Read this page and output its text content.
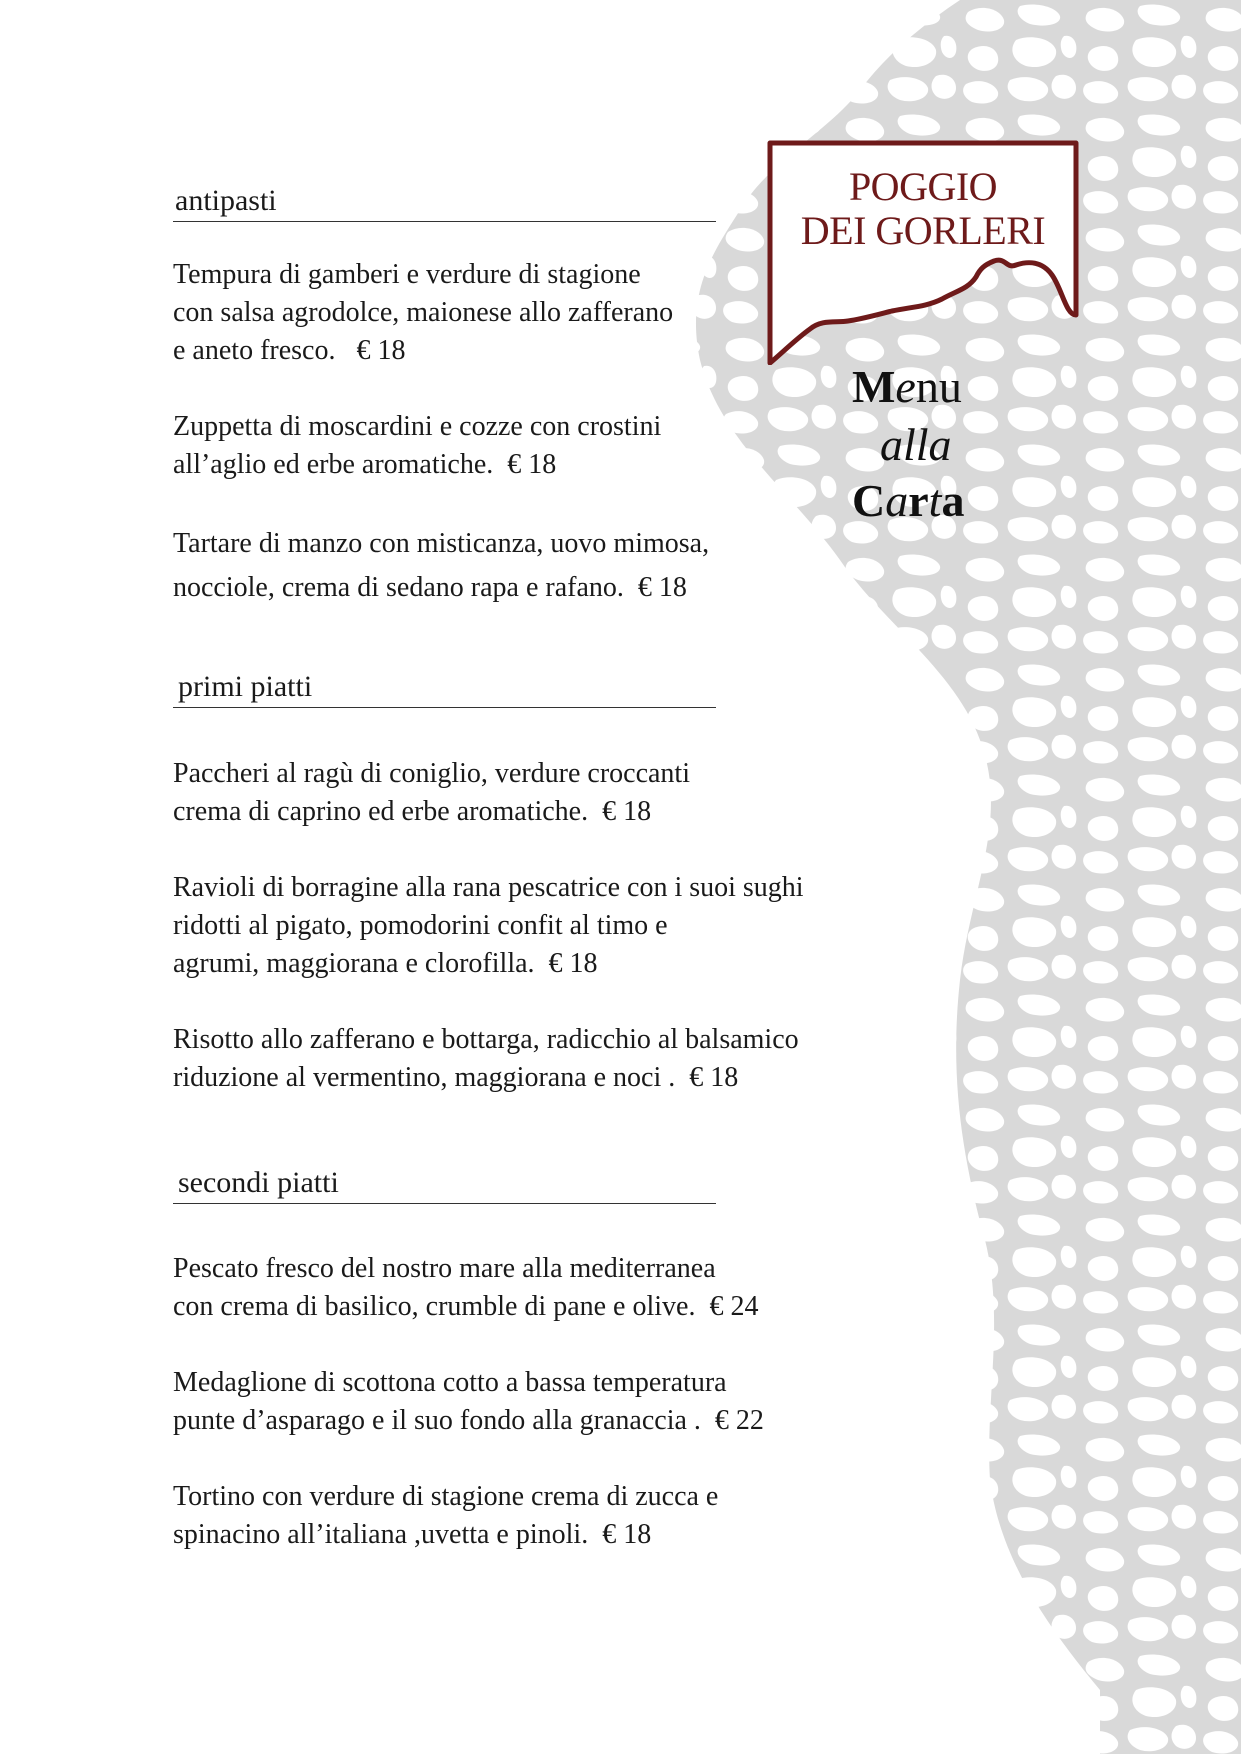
POGGIO
DEI GORLERI
Menu
alla
Carta
antipasti
Tempura di gamberi e verdure di stagione
con salsa agrodolce, maionese allo zafferano
e aneto fresco. € 18
Zuppetta di moscardini e cozze con crostini
all’aglio ed erbe aromatiche. € 18
Tartare di manzo con misticanza, uovo mimosa,
nocciole, crema di sedano rapa e rafano. € 18
primi piatti
Paccheri al ragù di coniglio, verdure croccanti
crema di caprino ed erbe aromatiche. € 18
Ravioli di borragine alla rana pescatrice con i suoi sughi
ridotti al pigato, pomodorini confit al timo e
agrumi, maggiorana e clorofilla. € 18
Risotto allo zafferano e bottarga, radicchio al balsamico
riduzione al vermentino, maggiorana e noci . € 18
secondi piatti
Pescato fresco del nostro mare alla mediterranea
con crema di basilico, crumble di pane e olive. € 24
Medaglione di scottona cotto a bassa temperatura
punte d’asparago e il suo fondo alla granaccia . € 22
Tortino con verdure di stagione crema di zucca e
spinacino all’italiana ,uvetta e pinoli. € 18
